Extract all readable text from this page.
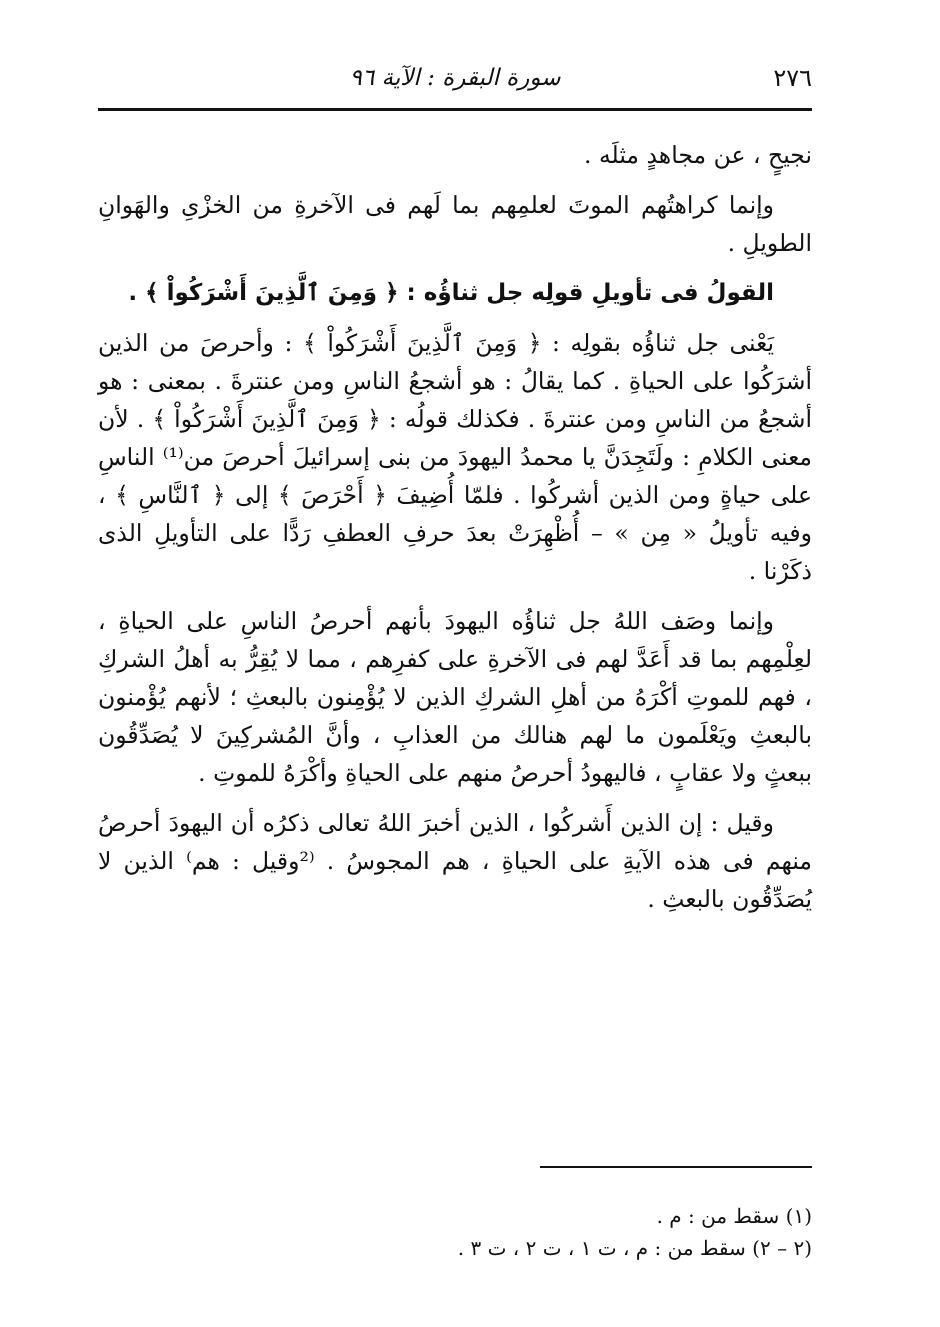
٢٧٦
سورة البقرة : الآية ٩٦

نجيحٍ ، عن مجاهدٍ مثلَه .

وإنما كراهتُهم الموتَ لعلمِهم بما لَهم فى الآخرةِ من الخزْىِ والهَوانِ الطويلِ .

القولُ فى تأويلِ قولِه جل ثناؤُه : ﴿ وَمِنَ ٱلَّذِينَ أَشْرَكُواْ ﴾ .

يَعْنى جل ثناؤُه بقولِه : ﴿ وَمِنَ ٱلَّذِينَ أَشْرَكُواْ ﴾ : وأحرصَ من الذين أشرَكُوا على الحياةِ . كما يقالُ : هو أشجعُ الناسِ ومن عنترةَ . بمعنى : هو أشجعُ من الناسِ ومن عنترةَ . فكذلك قولُه : ﴿ وَمِنَ ٱلَّذِينَ أَشْرَكُواْ ﴾ . لأن معنى الكلامِ : ولَتَجِدَنَّ يا محمدُ اليهودَ من بنى إسرائيلَ أحرصَ من⁽¹⁾ الناسِ على حياةٍ ومن الذين أشركُوا . فلمّا أُضِيفَ ﴿ أَحْرَصَ ﴾ إلى ﴿ ٱلنَّاسِ ﴾ ، وفيه تأويلُ « مِن » – أُظْهِرَتْ بعدَ حرفِ العطفِ رَدًّا على التأويلِ الذى ذكَرْنا .

وإنما وصَف اللهُ جل ثناؤُه اليهودَ بأنهم أحرصُ الناسِ على الحياةِ ، لعِلْمِهم بما قد أَعَدَّ لهم فى الآخرةِ على كفرِهم ، مما لا يُقِرُّ به أهلُ الشركِ ، فهم للموتِ أكْرَهُ من أهلِ الشركِ الذين لا يُؤْمِنون بالبعثِ ؛ لأنهم يُؤْمنون بالبعثِ ويَعْلَمون ما لهم هنالك من العذابِ ، وأنَّ المُشركِينَ لا يُصَدِّقُون ببعثٍ ولا عقابٍ ، فاليهودُ أحرصُ منهم على الحياةِ وأكْرَهُ للموتِ .

وقيل : إن الذين أَشركُوا ، الذين أخبرَ اللهُ تعالى ذكرُه أن اليهودَ أحرصُ منهم فى هذه الآيةِ على الحياةِ ، هم المجوسُ . ⁽²وقيل : هم⁾ الذين لا يُصَدِّقُون بالبعثِ .

(١) سقط من : م .

(٢ – ٢) سقط من : م ، ت ١ ، ت ٢ ، ت ٣ .
